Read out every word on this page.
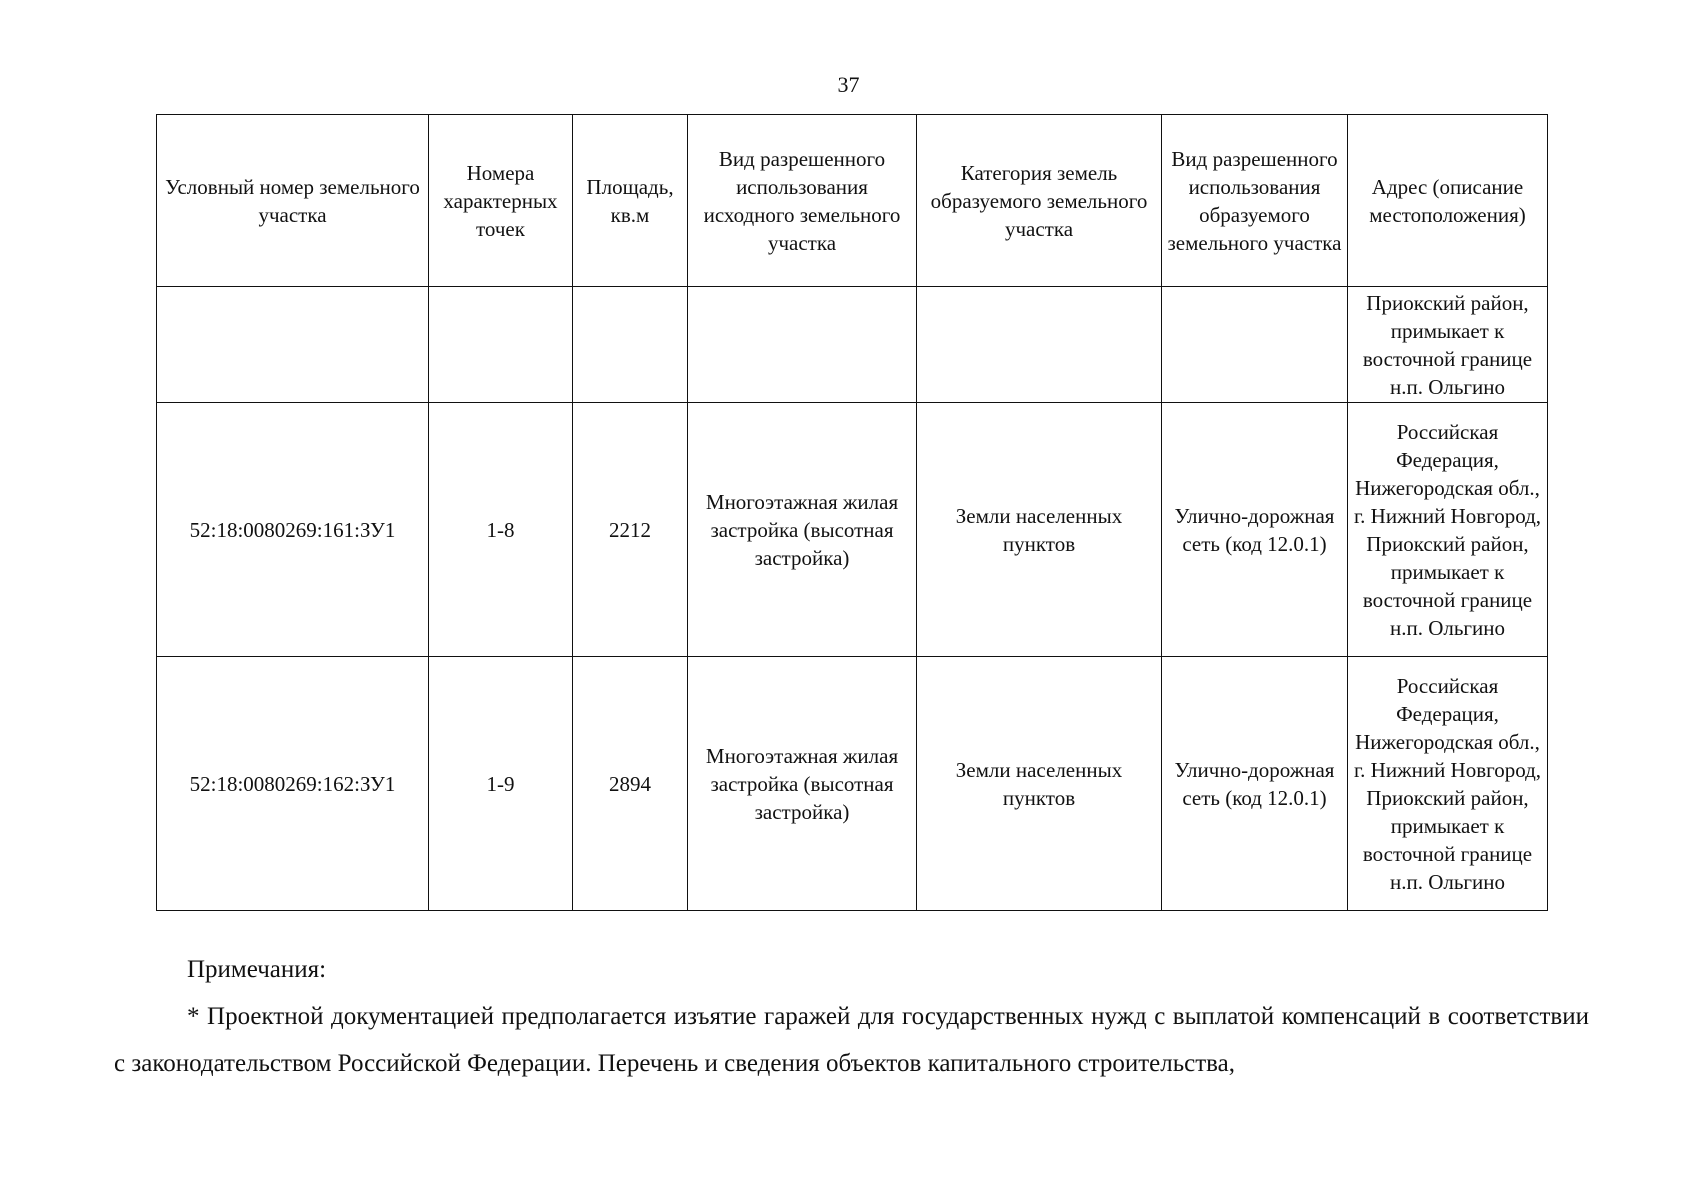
37
Условный номер земельного участка	Номера характерных точек	Площадь, кв.м	Вид разрешенного использования исходного земельного участка	Категория земель образуемого земельного участка	Вид разрешенного использования образуемого земельного участка	Адрес (описание местоположения)
						Приокский район, примыкает к восточной границе н.п. Ольгино
52:18:0080269:161:ЗУ1	1-8	2212	Многоэтажная жилая застройка (высотная застройка)	Земли населенных пунктов	Улично-дорожная сеть (код 12.0.1)	Российская Федерация, Нижегородская обл., г. Нижний Новгород, Приокский район, примыкает к восточной границе н.п. Ольгино
52:18:0080269:162:ЗУ1	1-9	2894	Многоэтажная жилая застройка (высотная застройка)	Земли населенных пунктов	Улично-дорожная сеть (код 12.0.1)	Российская Федерация, Нижегородская обл., г. Нижний Новгород, Приокский район, примыкает к восточной границе н.п. Ольгино

Примечания:

* Проектной документацией предполагается изъятие гаражей для государственных нужд с выплатой компенсаций в соответствии с законодательством Российской Федерации. Перечень и сведения объектов капитального строительства,
